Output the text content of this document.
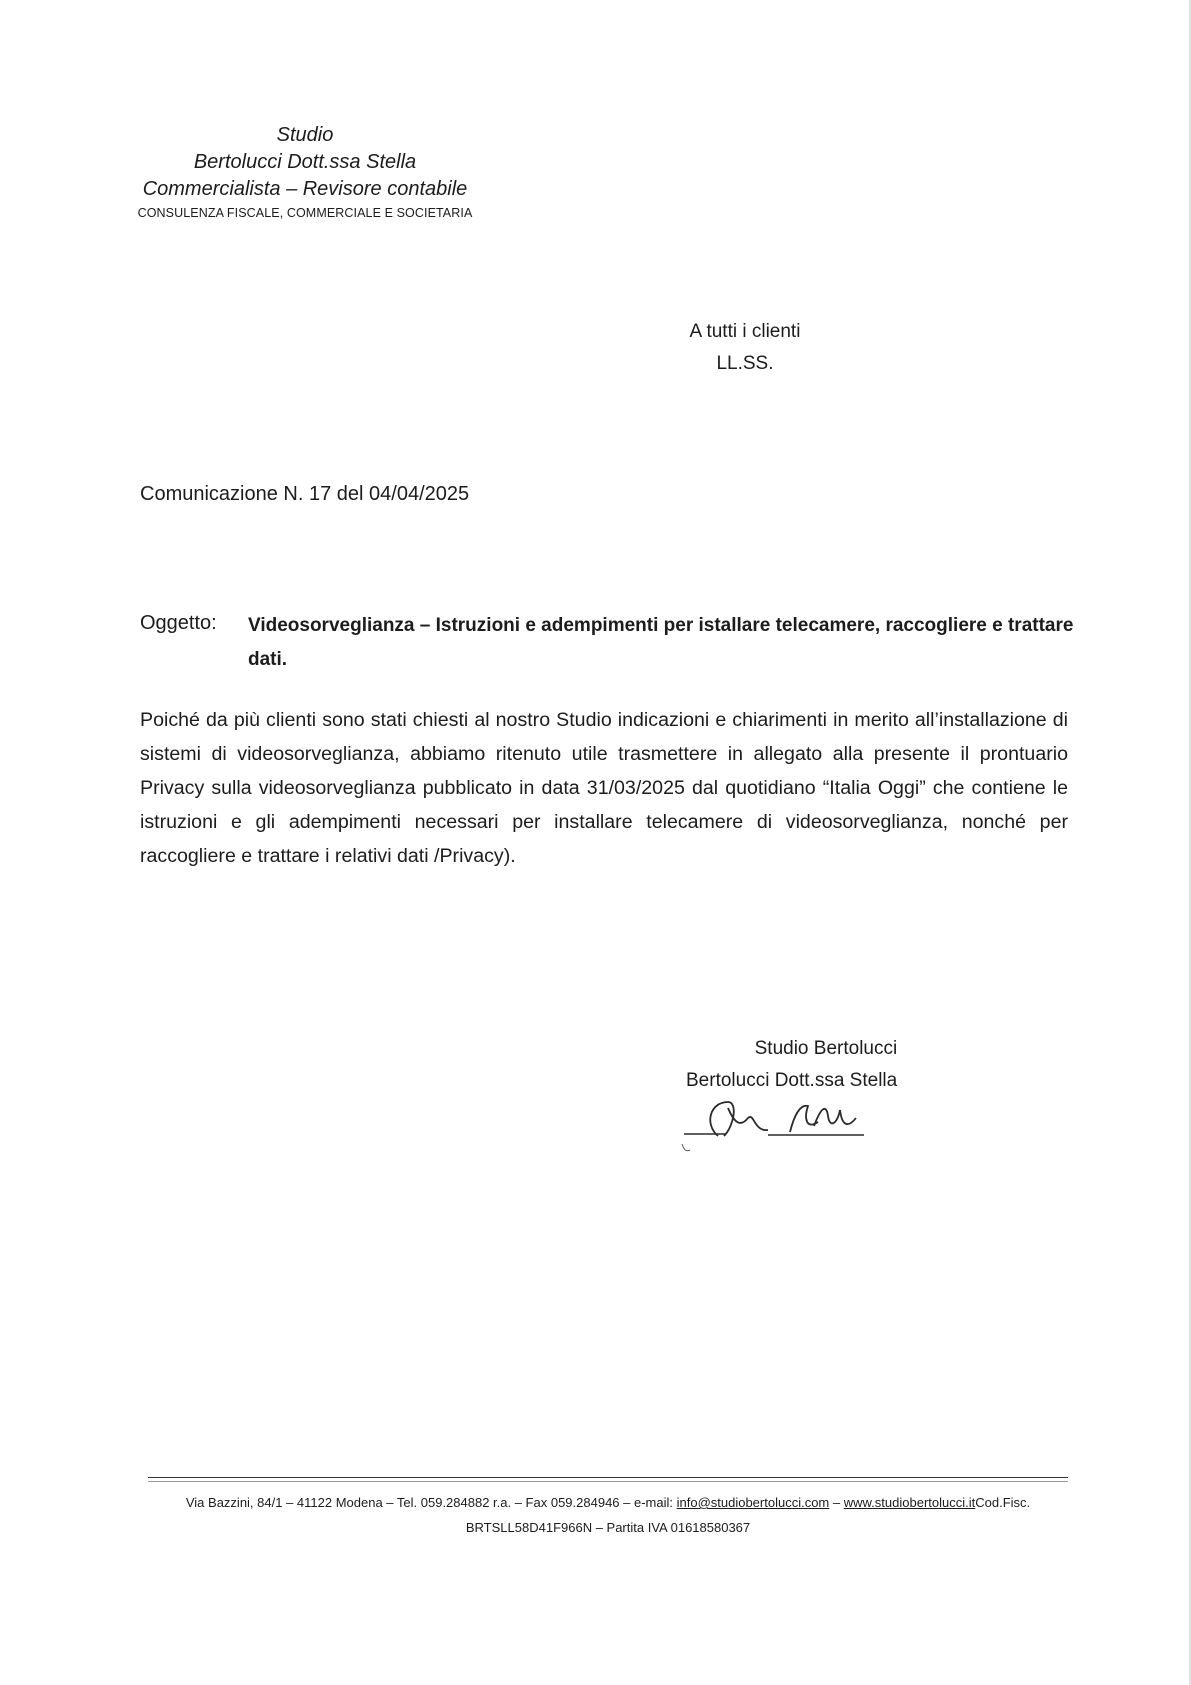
Studio
Bertolucci Dott.ssa Stella
Commercialista – Revisore contabile
CONSULENZA FISCALE, COMMERCIALE E SOCIETARIA
A tutti i clienti
LL.SS.
Comunicazione N. 17 del 04/04/2025
Oggetto: Videosorveglianza – Istruzioni e adempimenti per istallare telecamere, raccogliere e trattare dati.
Poiché da più clienti sono stati chiesti al nostro Studio indicazioni e chiarimenti in merito all’installazione di sistemi di videosorveglianza, abbiamo ritenuto utile trasmettere in allegato alla presente il prontuario Privacy sulla videosorveglianza pubblicato in data 31/03/2025 dal quotidiano “Italia Oggi” che contiene le istruzioni e gli adempimenti necessari per installare telecamere di videosorveglianza, nonché per raccogliere e trattare i relativi dati /Privacy).
Studio Bertolucci
Bertolucci Dott.ssa Stella
Via Bazzini, 84/1 – 41122 Modena – Tel. 059.284882 r.a. – Fax 059.284946 – e-mail: info@studiobertolucci.com – www.studiobertolucci.itCod.Fisc.
BRTSLL58D41F966N – Partita IVA 01618580367
